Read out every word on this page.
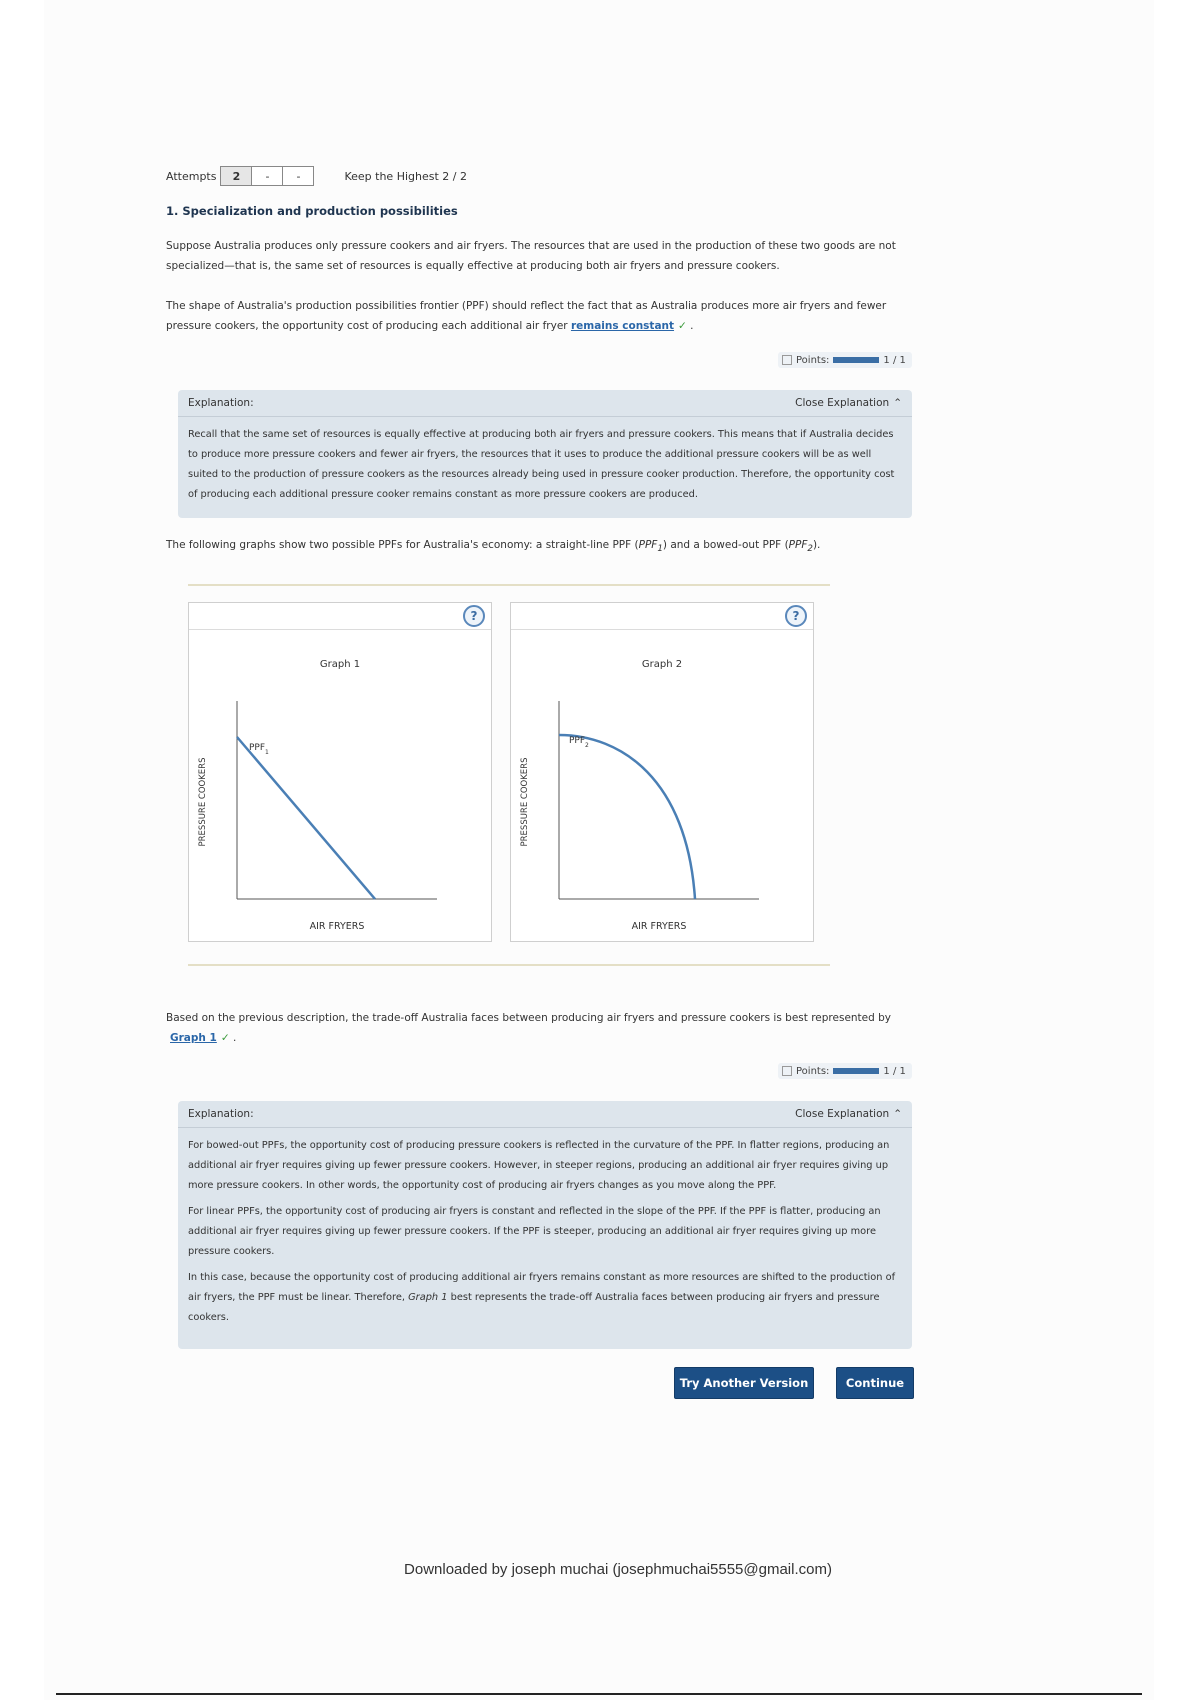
Attempts	2	-	-	Keep the Highest 2 / 2
1. Specialization and production possibilities
Suppose Australia produces only pressure cookers and air fryers. The resources that are used in the production of these two goods are not specialized—that is, the same set of resources is equally effective at producing both air fryers and pressure cookers.
The shape of Australia's production possibilities frontier (PPF) should reflect the fact that as Australia produces more air fryers and fewer pressure cookers, the opportunity cost of producing each additional air fryer remains constant ✓ .
Points:	1 / 1
Explanation:	Close Explanation ⌃

Recall that the same set of resources is equally effective at producing both air fryers and pressure cookers. This means that if Australia decides to produce more pressure cookers and fewer air fryers, the resources that it uses to produce the additional pressure cookers will be as well suited to the production of pressure cookers as the resources already being used in pressure cooker production. Therefore, the opportunity cost of producing each additional pressure cooker remains constant as more pressure cookers are produced.

The following graphs show two possible PPFs for Australia's economy: a straight-line PPF $(PPF_1)$ and a bowed-out PPF $(PPF_2)$.
?
Graph 1
$PPF_1$
PRESSURE COOKERS
AIR FRYERS
?
Graph 2
$PPF_2$
PRESSURE COOKERS
AIR FRYERS
Based on the previous description, the trade-off Australia faces between producing air fryers and pressure cookers is best represented by
Graph 1 ✓ .
Points:	1 / 1
Explanation:	Close Explanation ⌃

For bowed-out PPFs, the opportunity cost of producing pressure cookers is reflected in the curvature of the PPF. In flatter regions, producing an additional air fryer requires giving up fewer pressure cookers. However, in steeper regions, producing an additional air fryer requires giving up more pressure cookers. In other words, the opportunity cost of producing air fryers changes as you move along the PPF.

For linear PPFs, the opportunity cost of producing air fryers is constant and reflected in the slope of the PPF. If the PPF is flatter, producing an additional air fryer requires giving up fewer pressure cookers. If the PPF is steeper, producing an additional air fryer requires giving up more pressure cookers.

In this case, because the opportunity cost of producing additional air fryers remains constant as more resources are shifted to the production of air fryers, the PPF must be linear. Therefore, Graph 1 best represents the trade-off Australia faces between producing air fryers and pressure cookers.

Try Another Version	Continue
Downloaded by joseph muchai (josephmuchai5555@gmail.com)
